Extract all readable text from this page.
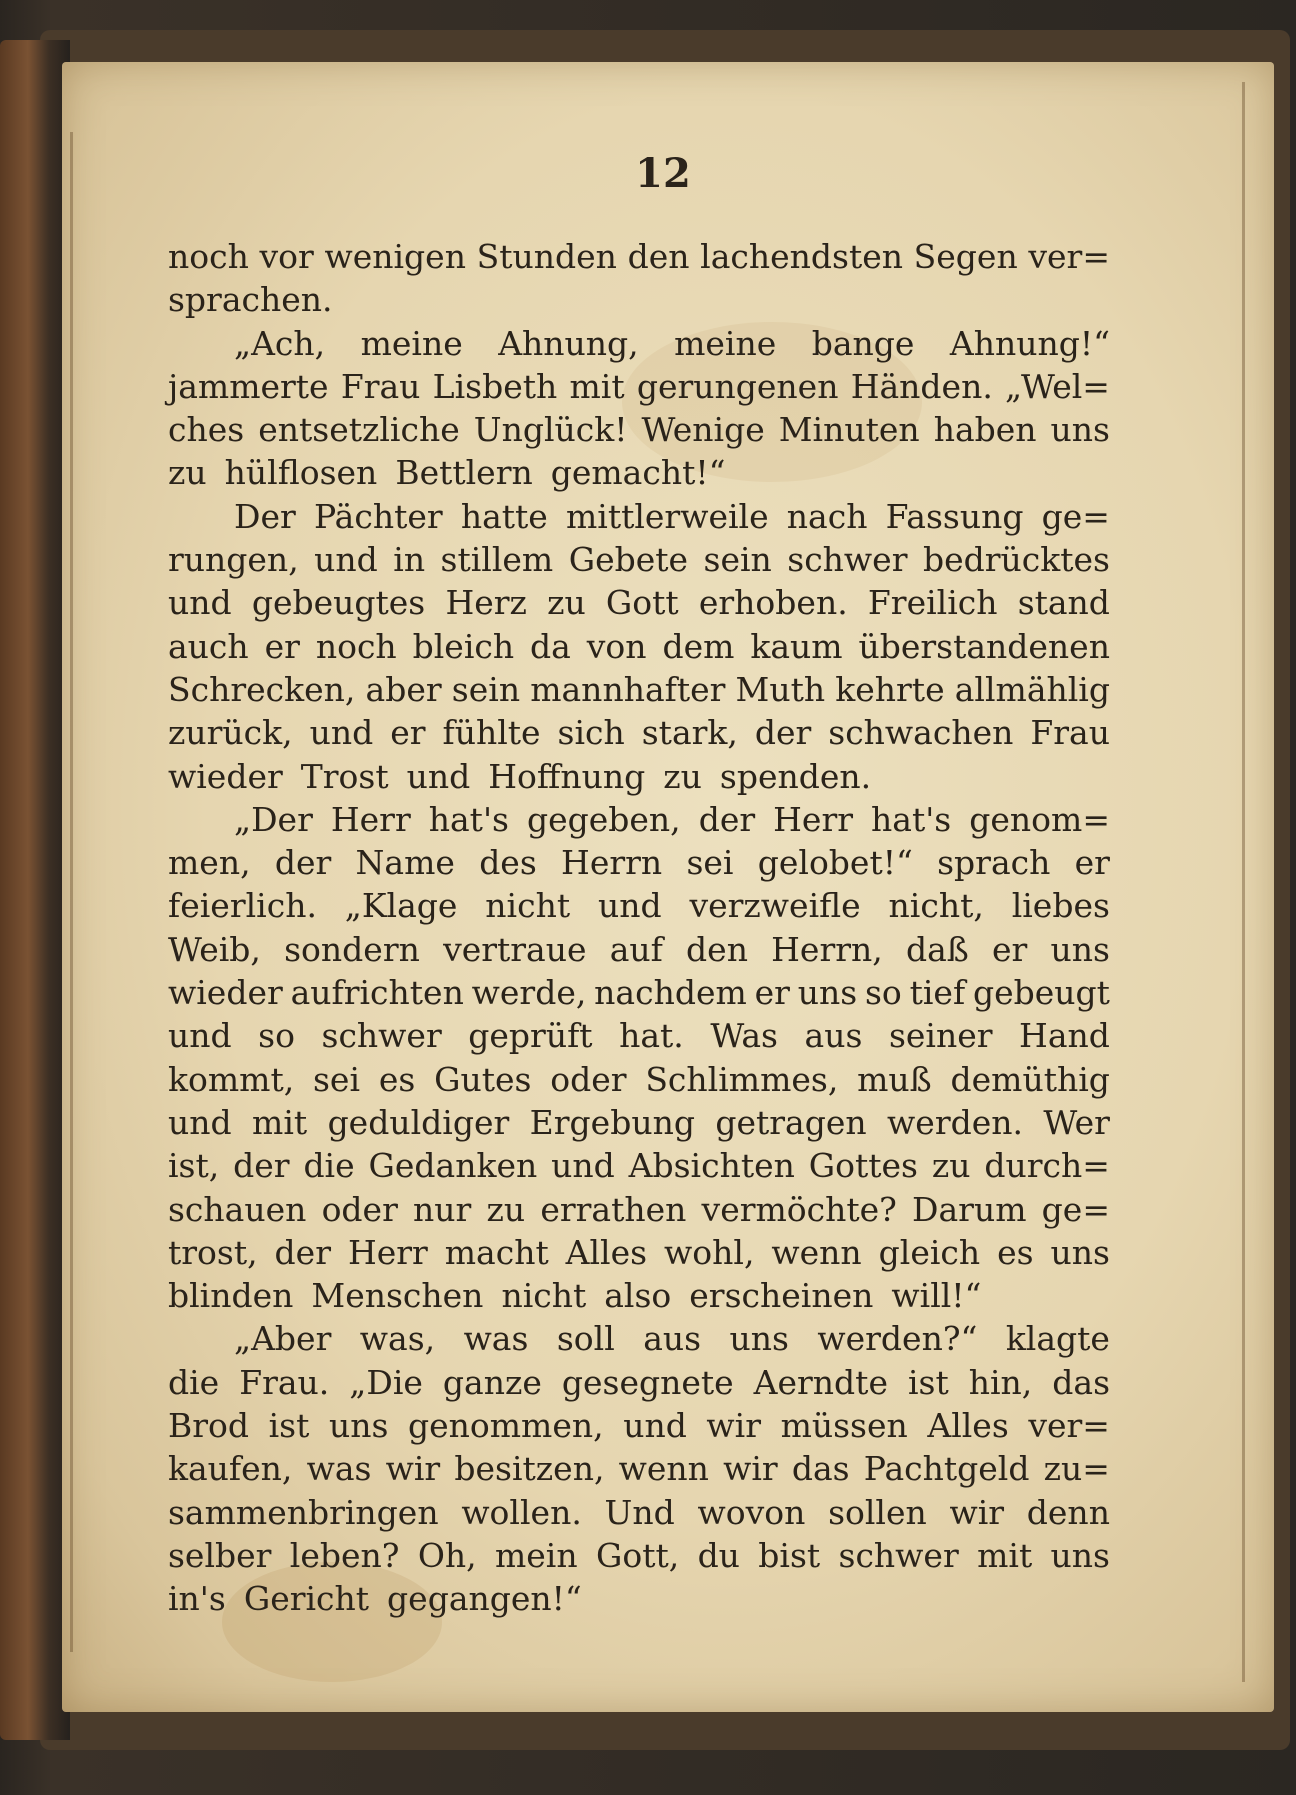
12
noch vor wenigen Stunden den lachendsten Segen ver=
sprachen.
„Ach, meine Ahnung, meine bange Ahnung!“
jammerte Frau Lisbeth mit gerungenen Händen. „Wel=
ches entsetzliche Unglück! Wenige Minuten haben uns
zu hülflosen Bettlern gemacht!“
Der Pächter hatte mittlerweile nach Fassung ge=
rungen, und in stillem Gebete sein schwer bedrücktes
und gebeugtes Herz zu Gott erhoben. Freilich stand
auch er noch bleich da von dem kaum überstandenen
Schrecken, aber sein mannhafter Muth kehrte allmählig
zurück, und er fühlte sich stark, der schwachen Frau
wieder Trost und Hoffnung zu spenden.
„Der Herr hat's gegeben, der Herr hat's genom=
men, der Name des Herrn sei gelobet!“ sprach er
feierlich. „Klage nicht und verzweifle nicht, liebes
Weib, sondern vertraue auf den Herrn, daß er uns
wieder aufrichten werde, nachdem er uns so tief gebeugt
und so schwer geprüft hat. Was aus seiner Hand
kommt, sei es Gutes oder Schlimmes, muß demüthig
und mit geduldiger Ergebung getragen werden. Wer
ist, der die Gedanken und Absichten Gottes zu durch=
schauen oder nur zu errathen vermöchte? Darum ge=
trost, der Herr macht Alles wohl, wenn gleich es uns
blinden Menschen nicht also erscheinen will!“
„Aber was, was soll aus uns werden?“ klagte
die Frau. „Die ganze gesegnete Aerndte ist hin, das
Brod ist uns genommen, und wir müssen Alles ver=
kaufen, was wir besitzen, wenn wir das Pachtgeld zu=
sammenbringen wollen. Und wovon sollen wir denn
selber leben? Oh, mein Gott, du bist schwer mit uns
in's Gericht gegangen!“
